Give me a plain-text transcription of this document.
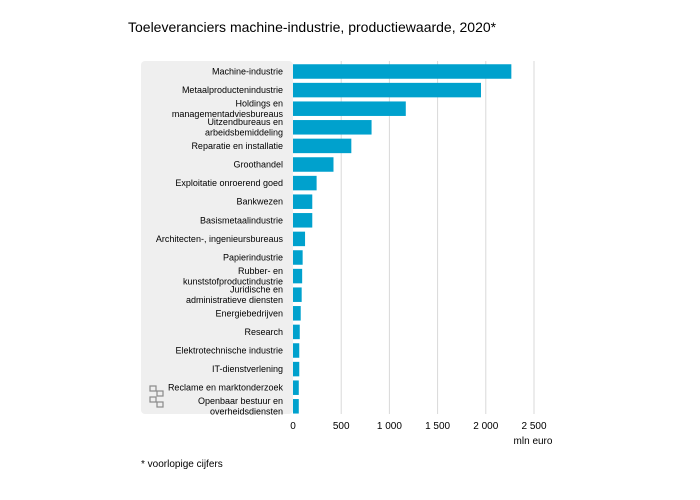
Toeleveranciers machine-industrie, productiewaarde, 2020*
Machine-industrie
Metaalproductenindustrie
Holdings en managementadviesbureaus
Uitzendbureaus en arbeidsbemiddeling
Reparatie en installatie
Groothandel
Exploitatie onroerend goed
Bankwezen
Basismetaalindustrie
Architecten-, ingenieursbureaus
Papierindustrie
Rubber- en kunststofproductindustrie
Juridische en administratieve diensten
Energiebedrijven
Research
Elektrotechnische industrie
IT-dienstverlening
Reclame en marktonderzoek
Openbaar bestuur en overheidsdiensten
0	500	1 000 1 500 2 000 2 500
mln euro
* voorlopige cijfers
